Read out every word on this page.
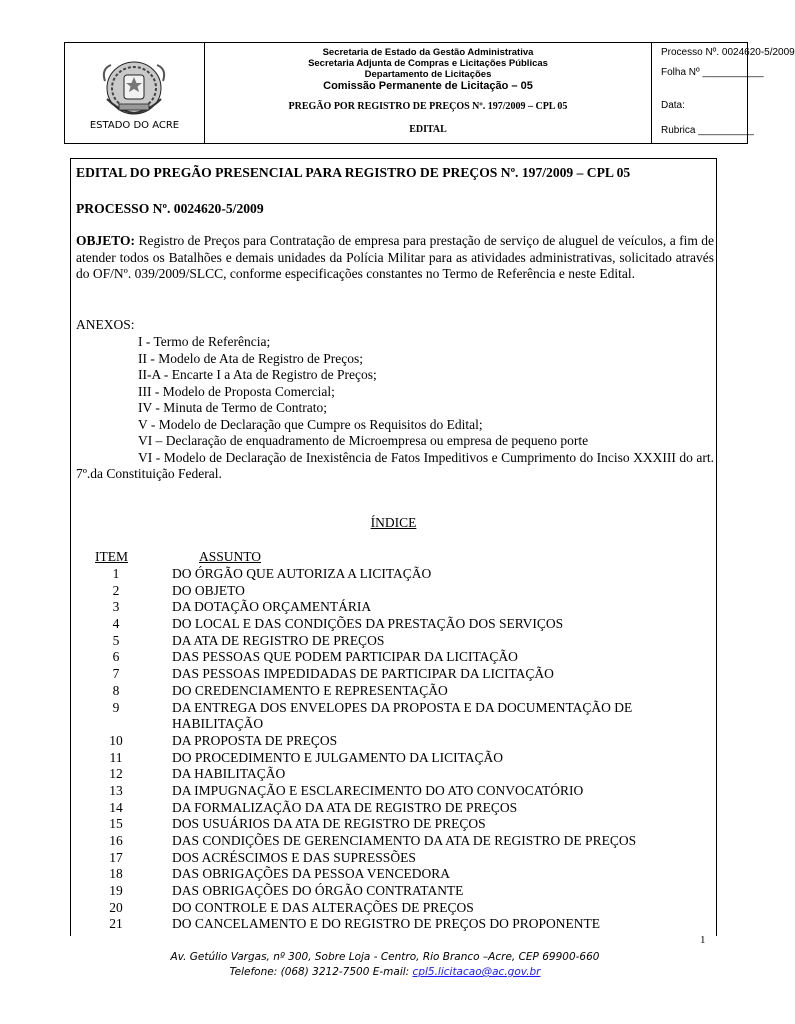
ESTADO DO ACRE
Secretaria de Estado da Gestão Administrativa
Secretaria Adjunta de Compras e Licitações Públicas
Departamento de Licitações
Comissão Permanente de Licitação – 05
PREGÃO POR REGISTRO DE PREÇOS Nº. 197/2009 – CPL 05
EDITAL
Processo Nº. 0024620-5/2009
Folha Nº ___________
Data:
Rubrica __________
EDITAL DO PREGÃO PRESENCIAL PARA REGISTRO DE PREÇOS Nº. 197/2009 – CPL 05
PROCESSO Nº. 0024620-5/2009
OBJETO: Registro de Preços para Contratação de empresa para prestação de serviço de aluguel de veículos, a fim de atender todos os Batalhões e demais unidades da Polícia Militar para as atividades administrativas, solicitado através do OF/Nº. 039/2009/SLCC, conforme especificações constantes no Termo de Referência e neste Edital.
ANEXOS:
I - Termo de Referência;
II - Modelo de Ata de Registro de Preços;
II-A - Encarte I a Ata de Registro de Preços;
III - Modelo de Proposta Comercial;
IV - Minuta de Termo de Contrato;
V - Modelo de Declaração que Cumpre os Requisitos do Edital;
VI – Declaração de enquadramento de Microempresa ou empresa de pequeno porte
VI - Modelo de Declaração de Inexistência de Fatos Impeditivos e Cumprimento do Inciso XXXIII do art. 7º.da Constituição Federal.
ÍNDICE
ITEM	ASSUNTO
1	DO ÓRGÃO QUE AUTORIZA A LICITAÇÃO
2	DO OBJETO
3	DA DOTAÇÃO ORÇAMENTÁRIA
4	DO LOCAL E DAS CONDIÇÕES DA PRESTAÇÃO DOS SERVIÇOS
5	DA ATA DE REGISTRO DE PREÇOS
6	DAS PESSOAS QUE PODEM PARTICIPAR DA LICITAÇÃO
7	DAS PESSOAS IMPEDIDADAS DE PARTICIPAR DA LICITAÇÃO
8	DO CREDENCIAMENTO E REPRESENTAÇÃO
9	DA ENTREGA DOS ENVELOPES DA PROPOSTA E DA DOCUMENTAÇÃO DE HABILITAÇÃO
10	DA PROPOSTA DE PREÇOS
11	DO PROCEDIMENTO E JULGAMENTO DA LICITAÇÃO
12	DA HABILITAÇÃO
13	DA IMPUGNAÇÃO E ESCLARECIMENTO DO ATO CONVOCATÓRIO
14	DA FORMALIZAÇÃO DA ATA DE REGISTRO DE PREÇOS
15	DOS USUÁRIOS DA ATA DE REGISTRO DE PREÇOS
16	DAS CONDIÇÕES DE GERENCIAMENTO DA ATA DE REGISTRO DE PREÇOS
17	DOS ACRÉSCIMOS E DAS SUPRESSÕES
18	DAS OBRIGAÇÕES DA PESSOA VENCEDORA
19	DAS OBRIGAÇÕES DO ÓRGÃO CONTRATANTE
20	DO CONTROLE E DAS ALTERAÇÕES DE PREÇOS
21	DO CANCELAMENTO E DO REGISTRO DE PREÇOS DO PROPONENTE
1
Av. Getúlio Vargas, nº 300, Sobre Loja - Centro, Rio Branco –Acre, CEP 69900-660
Telefone: (068) 3212-7500 E-mail: cpl5.licitacao@ac.gov.br
